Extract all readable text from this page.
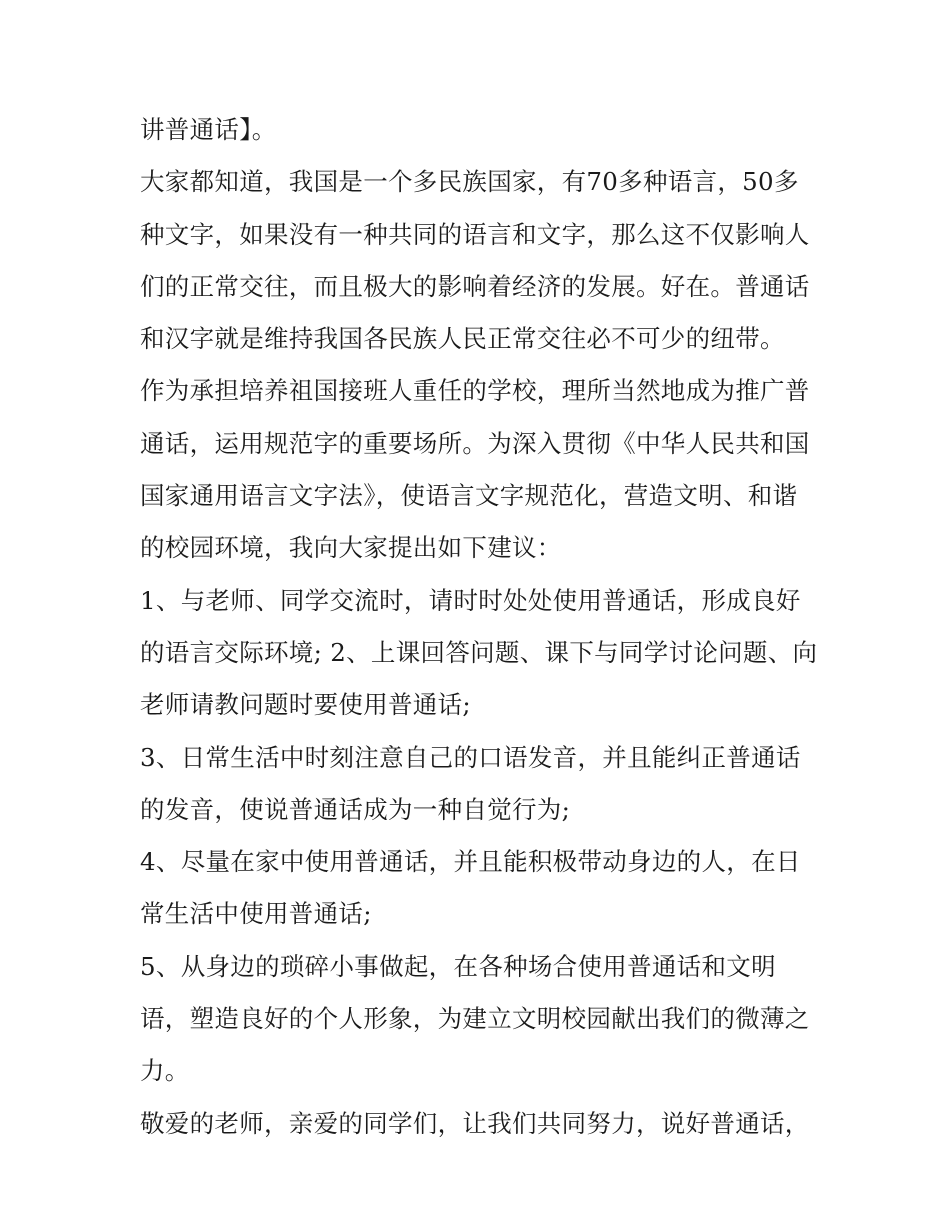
讲普通话】。
大家都知道，我国是一个多民族国家，有70多种语言，50多
种文字，如果没有一种共同的语言和文字，那么这不仅影响人
们的正常交往，而且极大的影响着经济的发展。好在。普通话
和汉字就是维持我国各民族人民正常交往必不可少的纽带。
作为承担培养祖国接班人重任的学校，理所当然地成为推广普
通话，运用规范字的重要场所。为深入贯彻《中华人民共和国
国家通用语言文字法》，使语言文字规范化，营造文明、和谐
的校园环境，我向大家提出如下建议：
1、与老师、同学交流时，请时时处处使用普通话，形成良好
的语言交际环境; 2、上课回答问题、课下与同学讨论问题、向
老师请教问题时要使用普通话;
3、日常生活中时刻注意自己的口语发音，并且能纠正普通话
的发音，使说普通话成为一种自觉行为;
4、尽量在家中使用普通话，并且能积极带动身边的人，在日
常生活中使用普通话;
5、从身边的琐碎小事做起，在各种场合使用普通话和文明
语，塑造良好的个人形象，为建立文明校园献出我们的微薄之
力。
敬爱的老师，亲爱的同学们，让我们共同努力，说好普通话，
